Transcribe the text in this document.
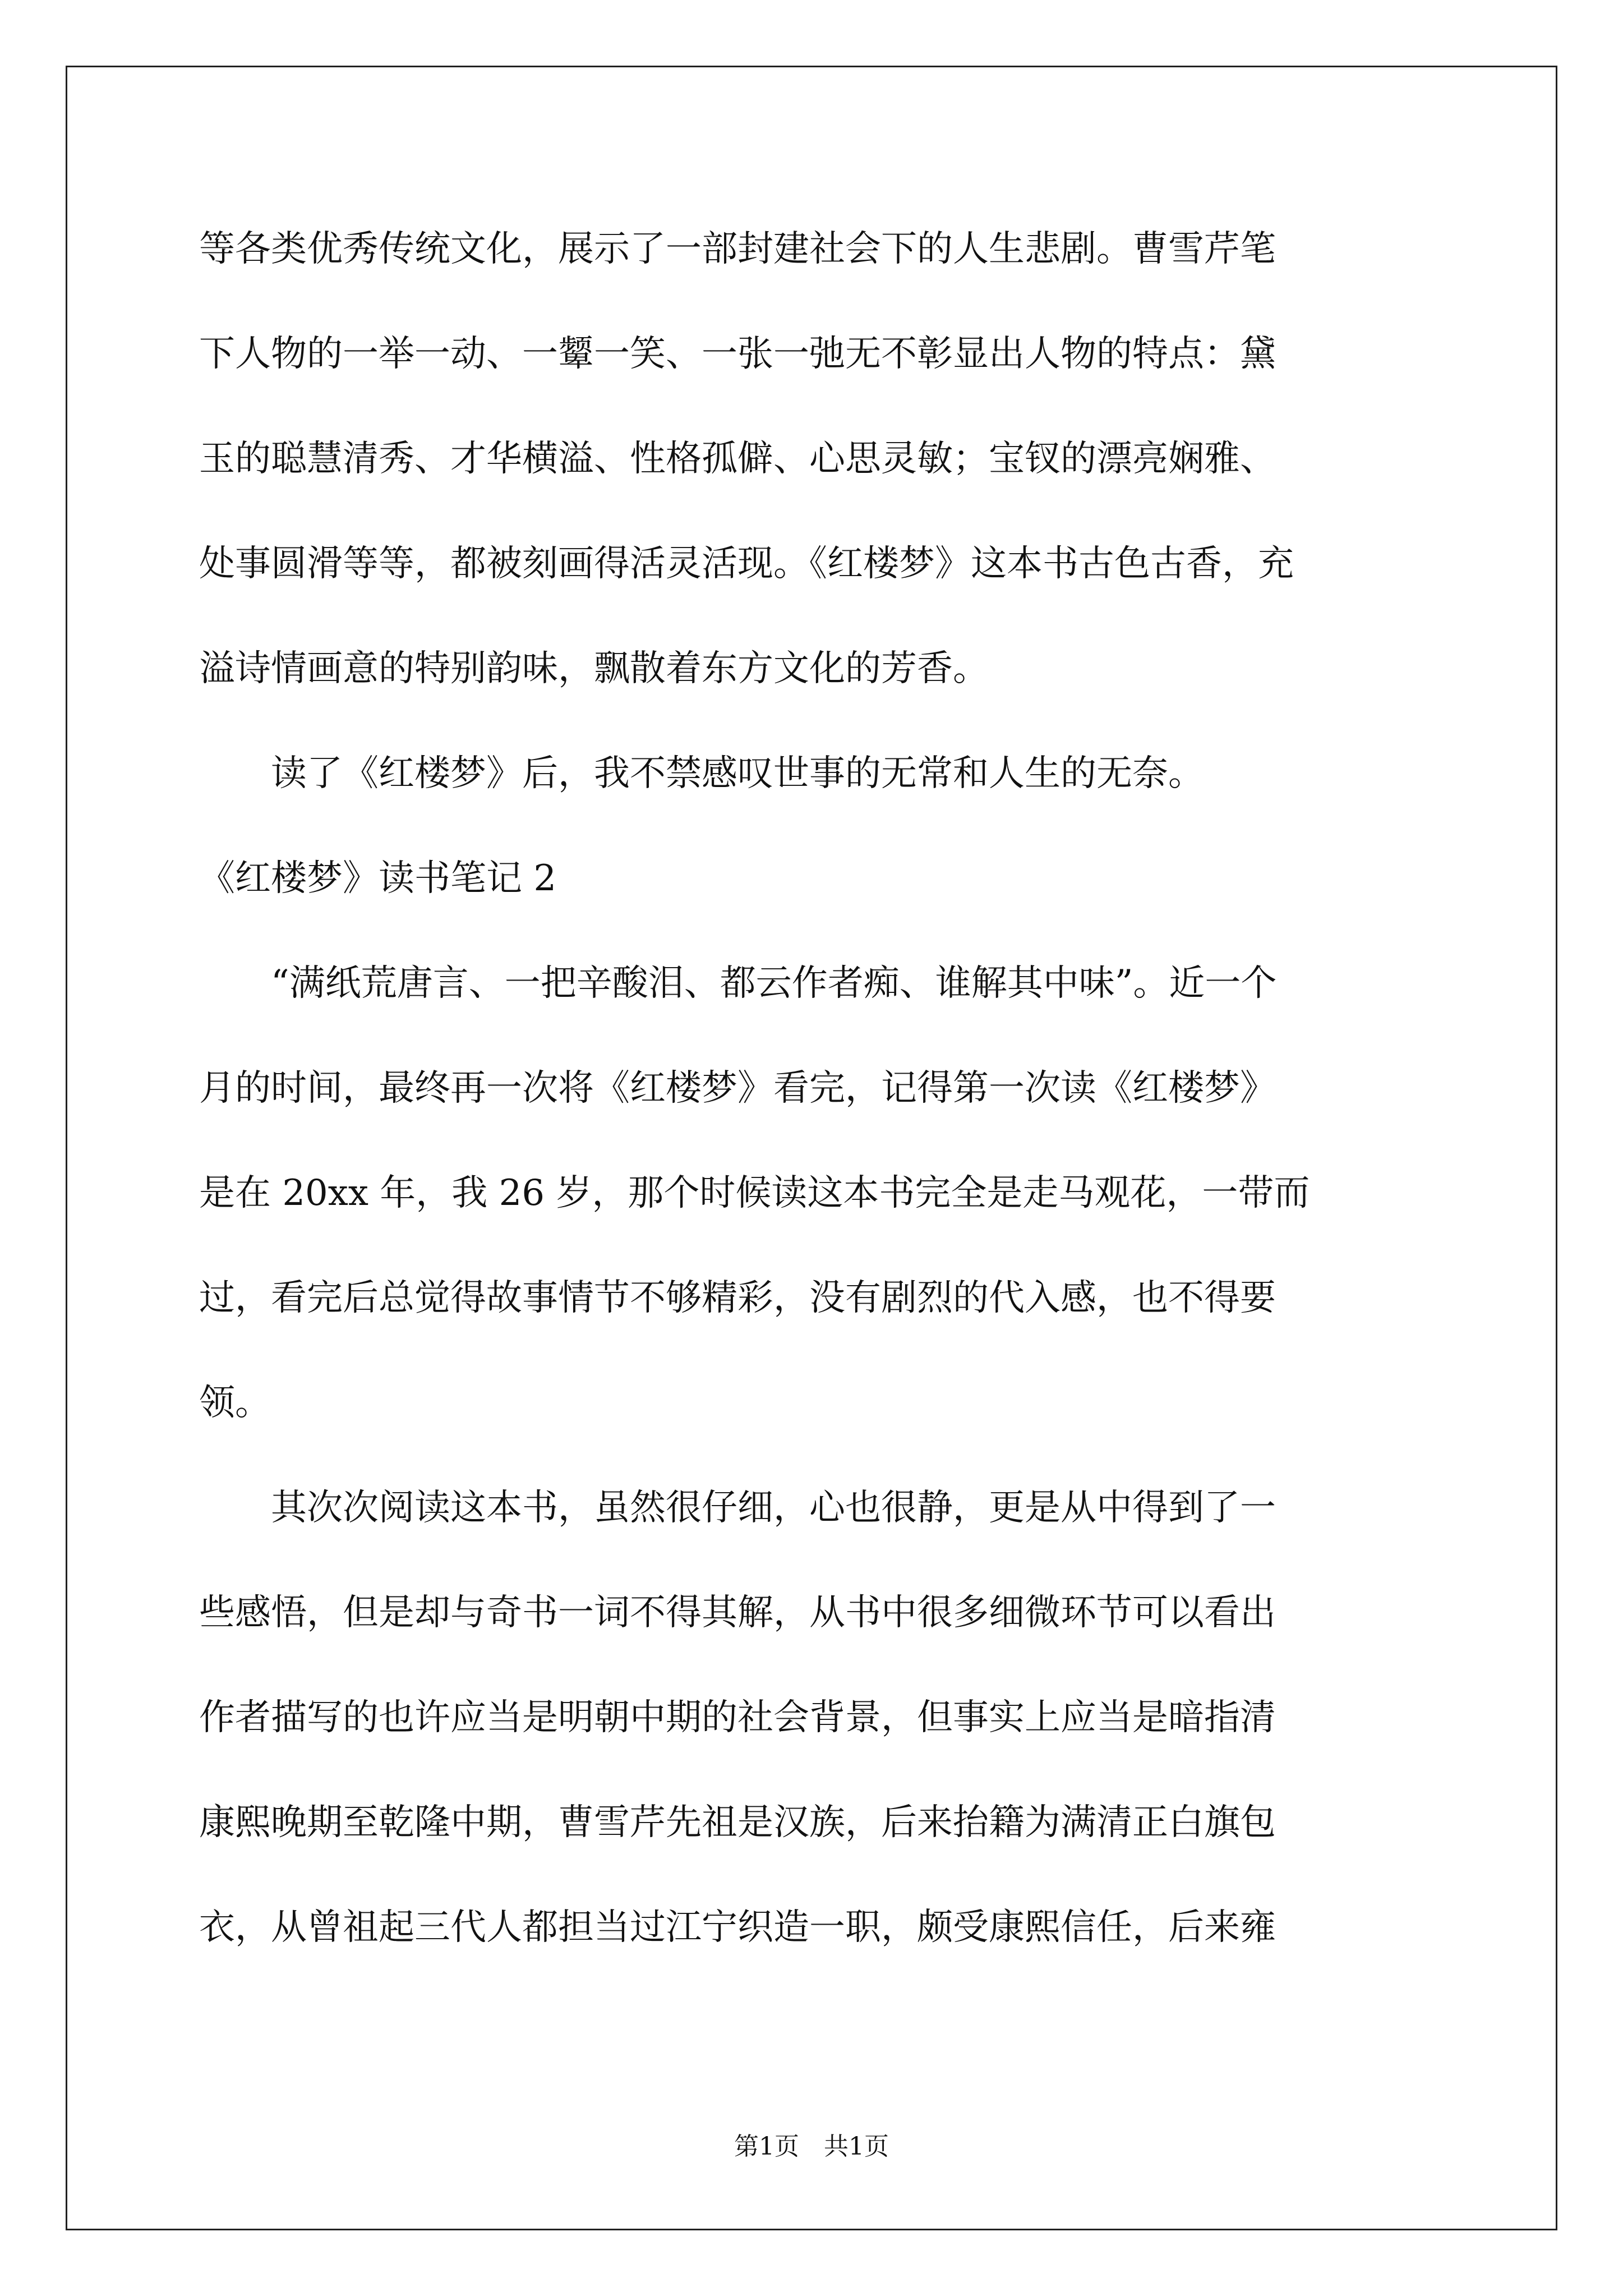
等各类优秀传统文化，展示了一部封建社会下的人生悲剧。曹雪芹笔
下人物的一举一动、一颦一笑、一张一弛无不彰显出人物的特点：黛
玉的聪慧清秀、才华横溢、性格孤僻、心思灵敏；宝钗的漂亮娴雅、
处事圆滑等等，都被刻画得活灵活现。《红楼梦》这本书古色古香，充
溢诗情画意的特别韵味，飘散着东方文化的芳香。
　　读了《红楼梦》后，我不禁感叹世事的无常和人生的无奈。
《红楼梦》读书笔记 2
　　“满纸荒唐言、一把辛酸泪、都云作者痴、谁解其中味”。近一个
月的时间，最终再一次将《红楼梦》看完，记得第一次读《红楼梦》
是在 20xx 年，我 26 岁，那个时候读这本书完全是走马观花，一带而
过，看完后总觉得故事情节不够精彩，没有剧烈的代入感，也不得要
领。
　　其次次阅读这本书，虽然很仔细，心也很静，更是从中得到了一
些感悟，但是却与奇书一词不得其解，从书中很多细微环节可以看出
作者描写的也许应当是明朝中期的社会背景，但事实上应当是暗指清
康熙晚期至乾隆中期，曹雪芹先祖是汉族，后来抬籍为满清正白旗包
衣，从曾祖起三代人都担当过江宁织造一职，颇受康熙信任，后来雍
第1页　共1页
